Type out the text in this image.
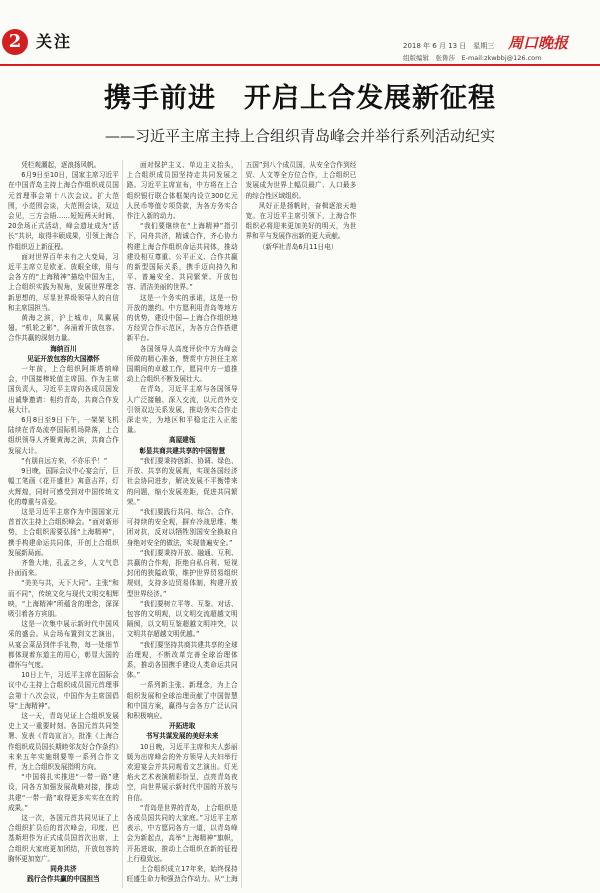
2 关注	2018 年 6 月 13 日　星期三 周口晚报
组版编辑　张鲁莎　E-mail:zkwbbj@126.com
携手前进　开启上合发展新征程
——习近平主席主持上合组织青岛峰会并举行系列活动纪实

凭栏观潮起，逐浪扬风帆。

6月9日至10日，国家主席习近平在中国青岛主持上海合作组织成员国元首理事会第十八次会议。扩大范围，小范围会谈，大范围会谈，双边会见，三方会晤……短短两天时间，20余场正式活动，峰会遗址成为“活长”共识，取得丰硕成果，引领上海合作组织迈上新征程。

面对世界百年未有之大变局，习近平主席立足欧亚、放眼全球，用与会各方的“上海精神”描绘中国为主，上合组织实践为视角，发展世界理念新思想的，尽显世界级领导人的自信和主席国担当。

黄海之滨，沪上城市，凤翼展翅。“机轮之影”，奔涌着开放包容、合作共赢的深刻力量。

海纳百川

见证开放包容的大国襟怀

一年前，上合组织阿斯塔纳峰会，中国接棒轮值主席国。作为主席国负责人，习近平主席向各成员国发出诚挚邀请：相约青岛，共商合作发展大计。

6月8日至9日下午，一架架飞机陆续在青岛流亭国际机场降落，上合组织领导人齐聚黄海之滨，共商合作发展大计。

“有朋自远方来，不亦乐乎！”

9日晚，国际会议中心宴会厅，巨幅工笔画《花开盛世》寓意吉祥，灯火辉煌，同时可感受到对中国传统文化的尊重与喜爱。

这是习近平主席作为中国国家元首首次主持上合组织峰会。“面对新形势，上合组织需要弘扬“上海精神”，携手构建命运共同体，开创上合组织发展新局面。

齐鲁大地，孔孟之乡，人文气息扑面而来。

“美美与共，天下大同”。主张“和而不同”，传统文化与现代文明交相辉映，“上海精神”所蕴含的理念，深深吸引着各方宾朋。

这是一次集中展示新时代中国风采的盛会。从会场布置到文艺演出，从宴会菜品到伴手礼物，每一处细节都体现着东道主的用心，彰显大国的襟怀与气度。

10日上午，习近平主席在国际会议中心主持上合组织成员国元首理事会第十八次会议，中国作为主席国倡导“上海精神”。

这一天，青岛见证上合组织发展史上又一重要时刻。各国元首共同签署、发表《青岛宣言》，批准《上海合作组织成员国长期睦邻友好合作条约》未来五年实施纲要等一系列合作文件，为上合组织发展指明方向。

“中国将扎实推进“一带一路”建设，同各方加强发展战略对接，推动共建“一带一路”取得更多实实在在的成果。”

这一次，各国元首共同见证了上合组织扩员后的首次峰会，印度、巴基斯坦作为正式成员国首次出席，上合组织大家庭更加团结，开放包容的胸怀更加宽广。

同舟共济

践行合作共赢的中国担当

面对保护主义、单边主义抬头，上合组织成员国坚持走共同发展之路。习近平主席宣布，中方将在上合组织银行联合体框架内设立300亿元人民币等值专项贷款，为各方务实合作注入新的动力。

“我们要继续在“上海精神”指引下，同舟共济，精诚合作，齐心协力构建上海合作组织命运共同体，推动建设相互尊重、公平正义、合作共赢的新型国际关系，携手迈向持久和平、普遍安全、共同繁荣、开放包容、清洁美丽的世界。”

这是一个务实的承诺，这是一份开放的邀约。中方愿利用青岛等地方的优势，建设中国—上海合作组织地方经贸合作示范区，为各方合作搭建新平台。

各国领导人高度评价中方为峰会所做的精心准备，赞赏中方担任主席国期间的卓越工作，愿同中方一道推动上合组织不断发展壮大。

在青岛，习近平主席与各国领导人广泛接触、深入交流，以元首外交引领双边关系发展，推动务实合作走深走实，为地区和平稳定注入正能量。

高屋建瓴

彰显共商共建共享的中国智慧

“我们要秉持创新、协调、绿色、开放、共享的发展观，实现各国经济社会协同进步，解决发展不平衡带来的问题，缩小发展差距，促进共同繁荣。”

“我们要践行共同、综合、合作、可持续的安全观，摒弃冷战思维、集团对抗，反对以牺牲别国安全换取自身绝对安全的做法，实现普遍安全。”

“我们要秉持开放、融通、互利、共赢的合作观，拒绝自私自利、短视封闭的狭隘政策，维护世界贸易组织规则，支持多边贸易体制，构建开放型世界经济。”

“我们要树立平等、互鉴、对话、包容的文明观，以文明交流超越文明隔阂，以文明互鉴超越文明冲突，以文明共存超越文明优越。”

“我们要坚持共商共建共享的全球治理观，不断改革完善全球治理体系，推动各国携手建设人类命运共同体。”

一系列新主张、新理念，为上合组织发展和全球治理贡献了中国智慧和中国方案，赢得与会各方广泛认同和积极响应。

开拓进取

书写共谋发展的美好未来

10日晚，习近平主席和夫人彭丽媛为出席峰会的外方领导人夫妇举行欢迎宴会并共同观看文艺演出。灯光焰火艺术表演精彩纷呈，点亮青岛夜空，向世界展示新时代中国的开放与自信。

“青岛是世界的青岛，上合组织是各成员国共同的大家庭。”习近平主席表示，中方愿同各方一道，以青岛峰会为新起点，高举“上海精神”旗帜，开拓进取，推动上合组织在新的征程上行稳致远。

上合组织成立17年来，始终保持旺盛生命力和强劲合作动力。从“上海五国”到八个成员国，从安全合作到经贸、人文等全方位合作，上合组织已发展成为世界上幅员最广、人口最多的综合性区域组织。

风好正是扬帆时，奋楫逐浪天地宽。在习近平主席引领下，上海合作组织必将迎来更加美好的明天，为世界和平与发展作出新的更大贡献。

（新华社青岛6月11日电）
